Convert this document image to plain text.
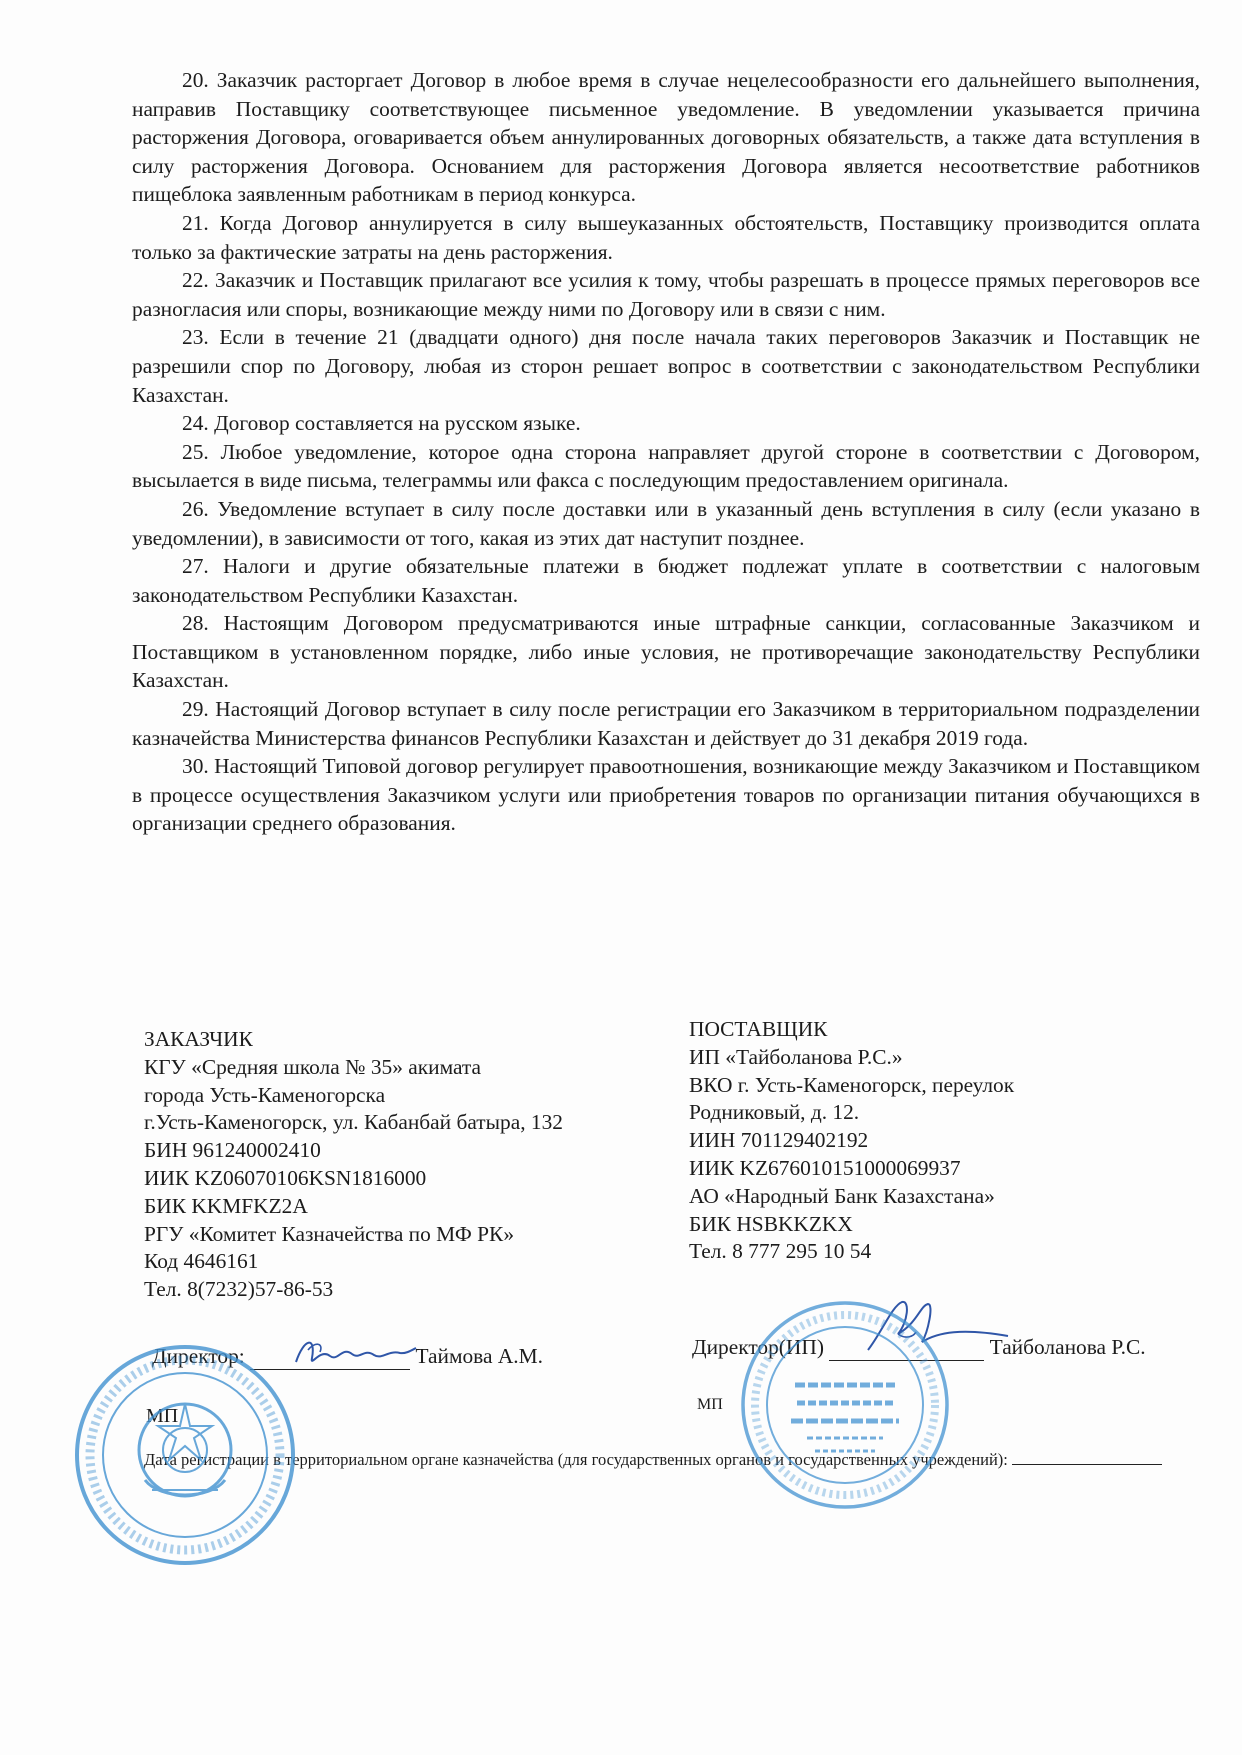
20. Заказчик расторгает Договор в любое время в случае нецелесообразности его дальнейшего выполнения, направив Поставщику соответствующее письменное уведомление. В уведомлении указывается причина расторжения Договора, оговаривается объем аннулированных договорных обязательств, а также дата вступления в силу расторжения Договора. Основанием для расторжения Договора является несоответствие работников пищеблока заявленным работникам в период конкурса.

21. Когда Договор аннулируется в силу вышеуказанных обстоятельств, Поставщику производится оплата только за фактические затраты на день расторжения.

22. Заказчик и Поставщик прилагают все усилия к тому, чтобы разрешать в процессе прямых переговоров все разногласия или споры, возникающие между ними по Договору или в связи с ним.

23. Если в течение 21 (двадцати одного) дня после начала таких переговоров Заказчик и Поставщик не разрешили спор по Договору, любая из сторон решает вопрос в соответствии с законодательством Республики Казахстан.

24. Договор составляется на русском языке.

25. Любое уведомление, которое одна сторона направляет другой стороне в соответствии с Договором, высылается в виде письма, телеграммы или факса с последующим предоставлением оригинала.

26. Уведомление вступает в силу после доставки или в указанный день вступления в силу (если указано в уведомлении), в зависимости от того, какая из этих дат наступит позднее.

27. Налоги и другие обязательные платежи в бюджет подлежат уплате в соответствии с налоговым законодательством Республики Казахстан.

28. Настоящим Договором предусматриваются иные штрафные санкции, согласованные Заказчиком и Поставщиком в установленном порядке, либо иные условия, не противоречащие законодательству Республики Казахстан.

29. Настоящий Договор вступает в силу после регистрации его Заказчиком в территориальном подразделении казначейства Министерства финансов Республики Казахстан и действует до 31 декабря 2019 года.

30. Настоящий Типовой договор регулирует правоотношения, возникающие между Заказчиком и Поставщиком в процессе осуществления Заказчиком услуги или приобретения товаров по организации питания обучающихся в организации среднего образования.

ЗАКАЗЧИК
КГУ «Средняя школа № 35» акимата
города Усть-Каменогорска
г.Усть-Каменогорск, ул. Кабанбай батыра, 132
БИН 961240002410
ИИК KZ06070106KSN1816000
БИК KKMFKZ2A
РГУ «Комитет Казначейства по МФ РК»
Код 4646161
Тел. 8(7232)57-86-53
ПОСТАВЩИК
ИП «Тайболанова Р.С.»
ВКО г. Усть-Каменогорск, переулок
Родниковый, д. 12.
ИИН 701129402192
ИИК KZ676010151000069937
АО «Народный Банк Казахстана»
БИК HSBKKZKX
Тел. 8 777 295 10 54
Директор:	Таймова А.М.
МП
Директор(ИП)	Тайболанова Р.С.
МП
Дата регистрации в территориальном органе казначейства (для государственных органов и государственных учреждений):
